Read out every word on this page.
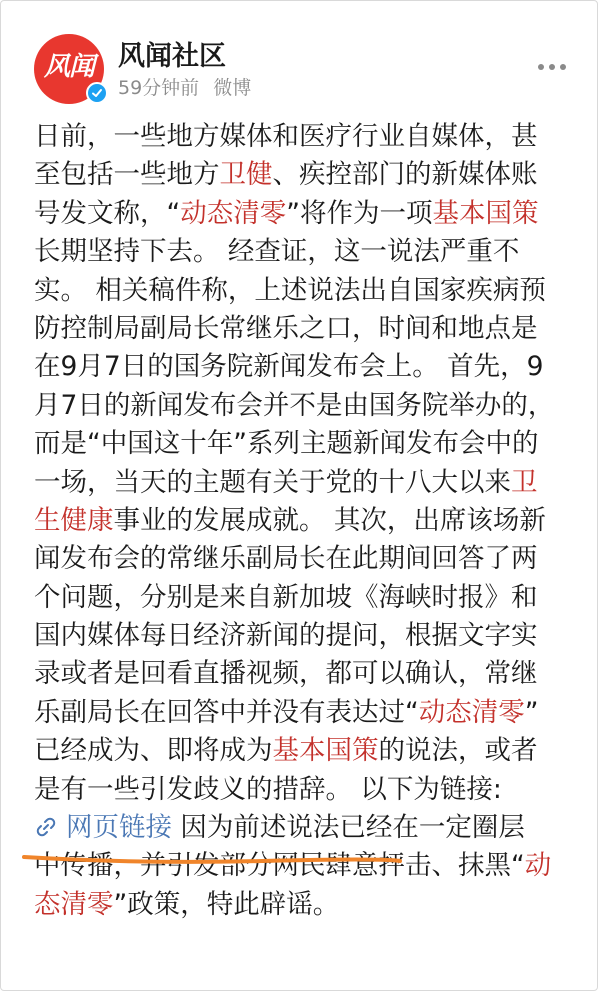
风闻 风闻社区
59分钟前 微博
日前，一些地方媒体和医疗行业自媒体，甚
至包括一些地方卫健、疾控部门的新媒体账
号发文称，“动态清零”将作为一项基本国策
长期坚持下去。 经查证，这一说法严重不
实。 相关稿件称，上述说法出自国家疾病预
防控制局副局长常继乐之口，时间和地点是
在9月7日的国务院新闻发布会上。 首先，9
月7日的新闻发布会并不是由国务院举办的，
而是“中国这十年”系列主题新闻发布会中的
一场，当天的主题有关于党的十八大以来卫
生健康事业的发展成就。 其次，出席该场新
闻发布会的常继乐副局长在此期间回答了两
个问题，分别是来自新加坡《海峡时报》和
国内媒体每日经济新闻的提问，根据文字实
录或者是回看直播视频，都可以确认，常继
乐副局长在回答中并没有表达过“动态清零”
已经成为、即将成为基本国策的说法，或者
是有一些引发歧义的措辞。 以下为链接:
网页链接 因为前述说法已经在一定圈层
中传播，并引发部分网民肆意抨击、抹黑“动
态清零”政策，特此辟谣。
